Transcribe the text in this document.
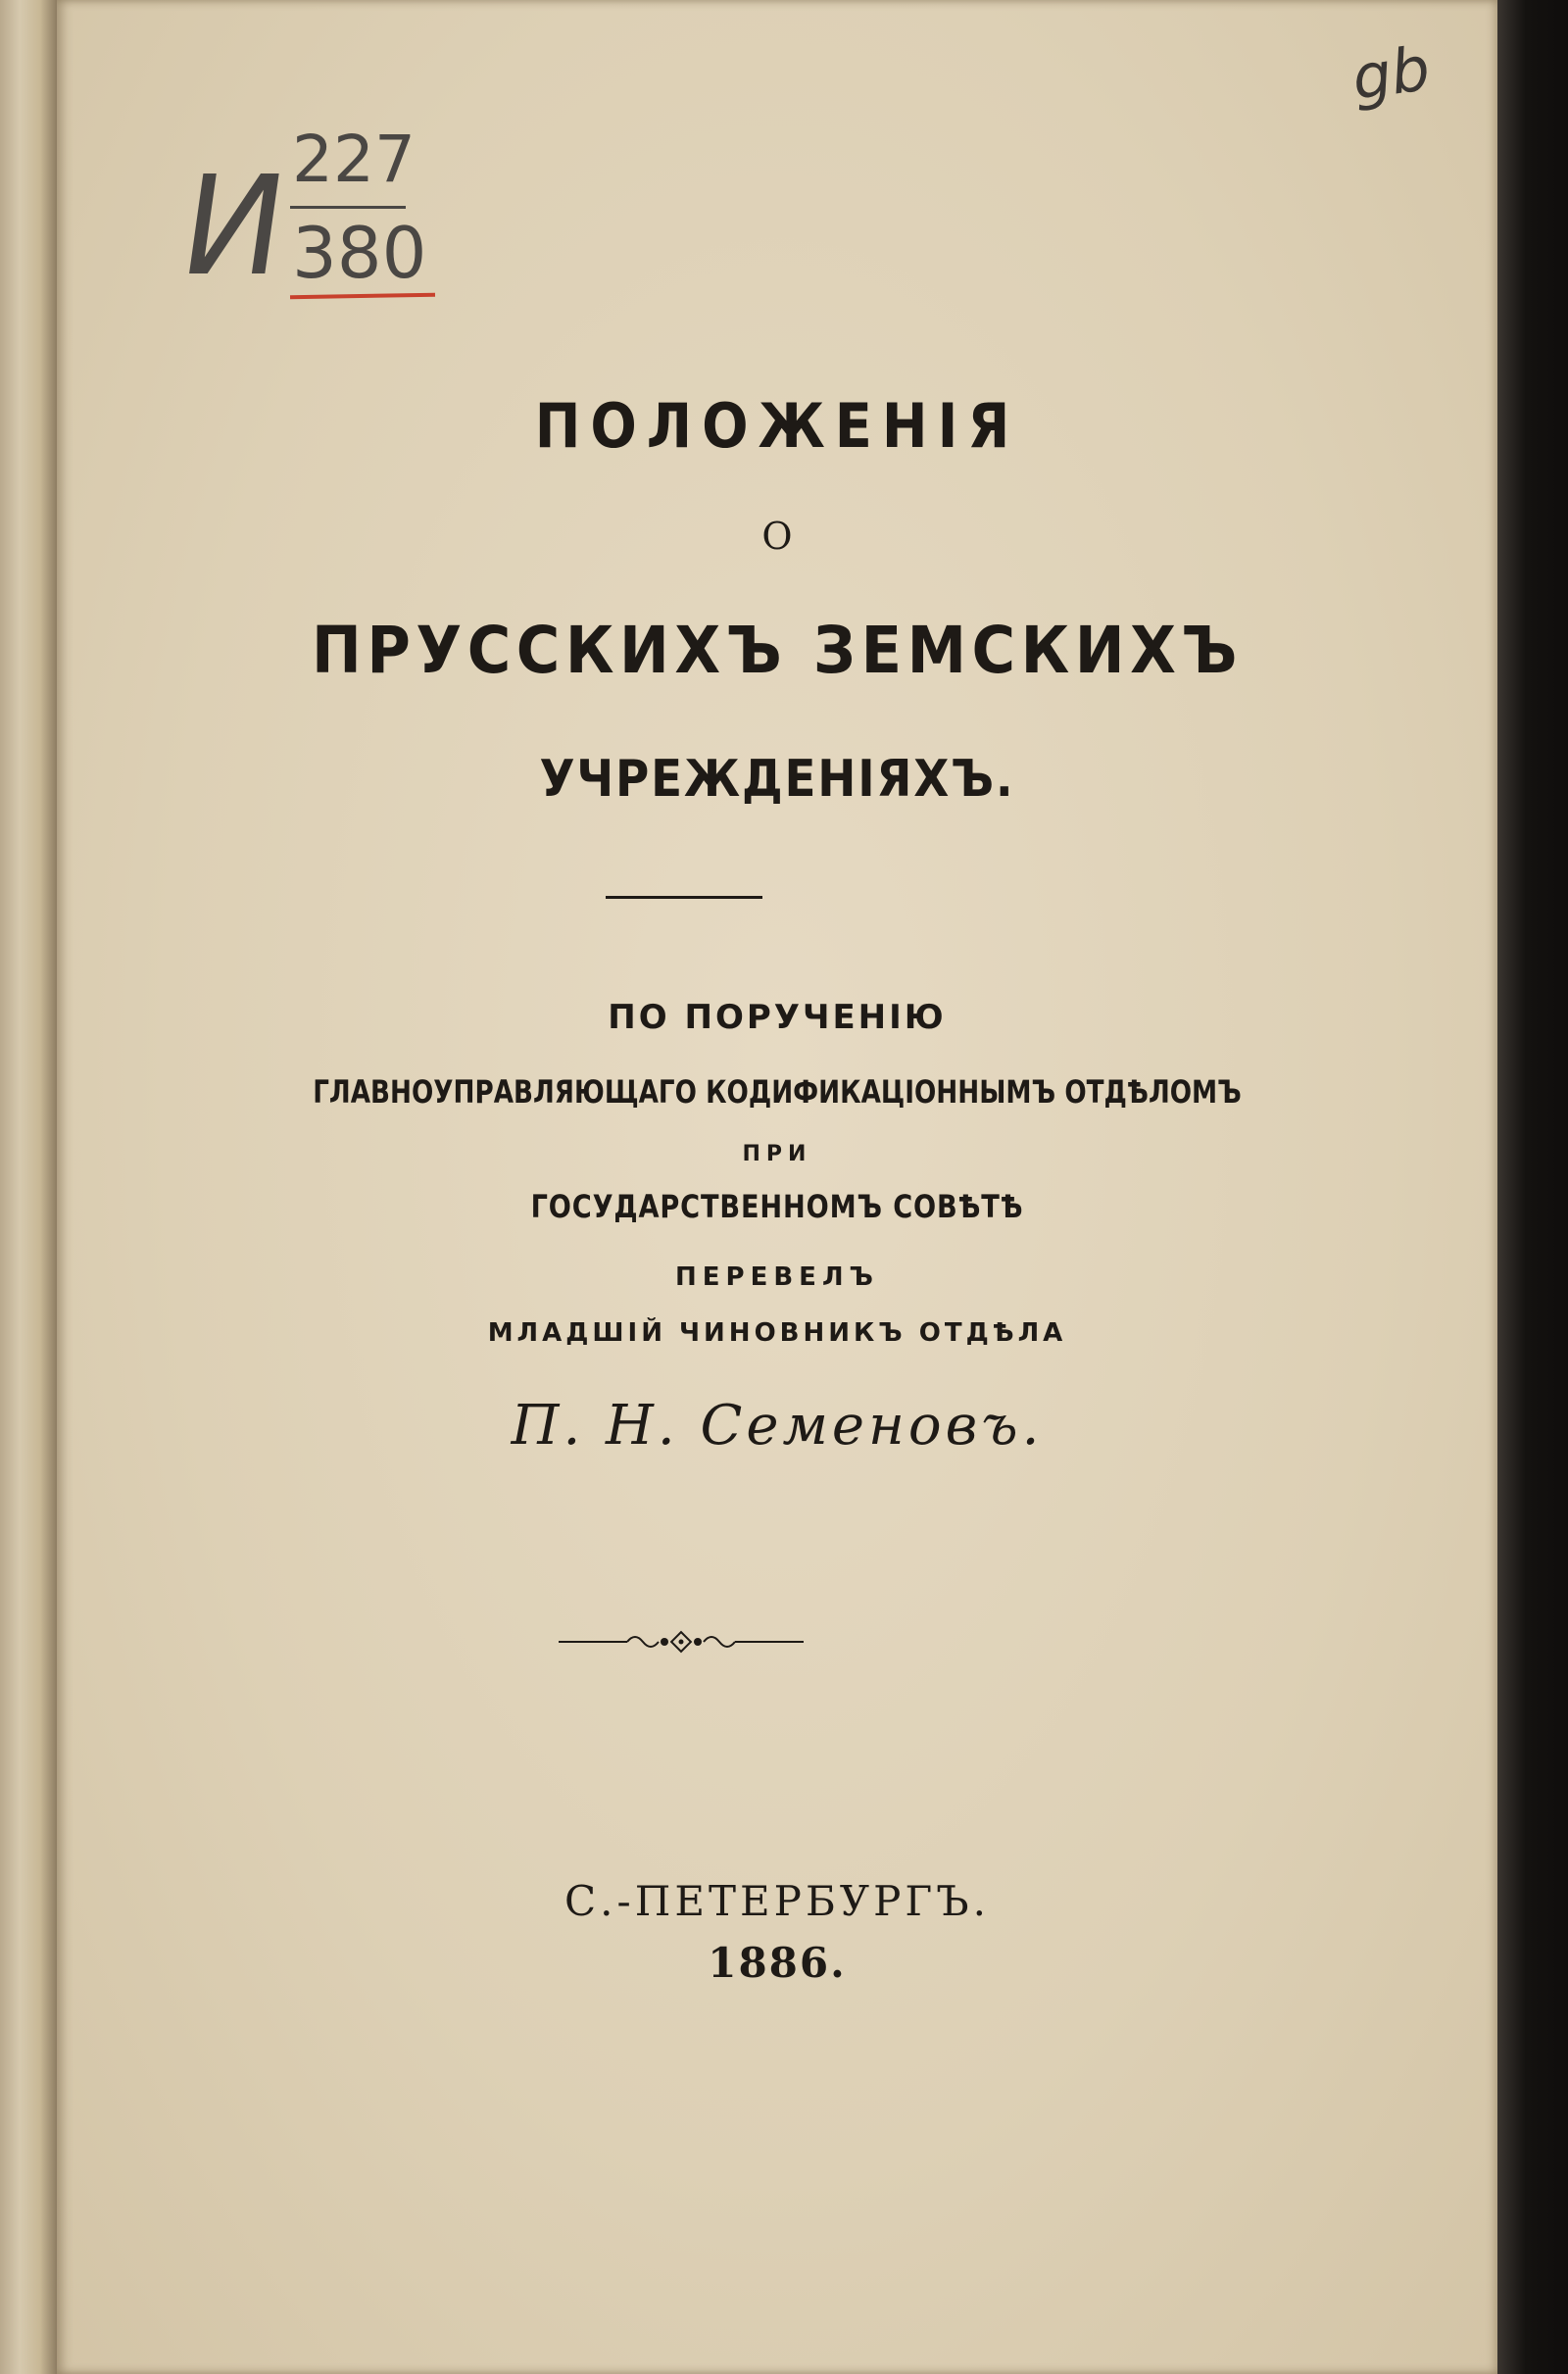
И
227
380
gb
ПОЛОЖЕНІЯ
О
ПРУССКИХЪ ЗЕМСКИХЪ
УЧРЕЖДЕНІЯХЪ.
ПО ПОРУЧЕНІЮ
ГЛАВНОУПРАВЛЯЮЩАГО КОДИФИКАЦІОННЫМЪ ОТДѢЛОМЪ
ПРИ
ГОСУДАРСТВЕННОМЪ СОВѢТѢ
ПЕРЕВЕЛЪ
МЛАДШІЙ ЧИНОВНИКЪ ОТДѢЛА
П. Н. Семеновъ.
С.-ПЕТЕРБУРГЪ.
1886.
